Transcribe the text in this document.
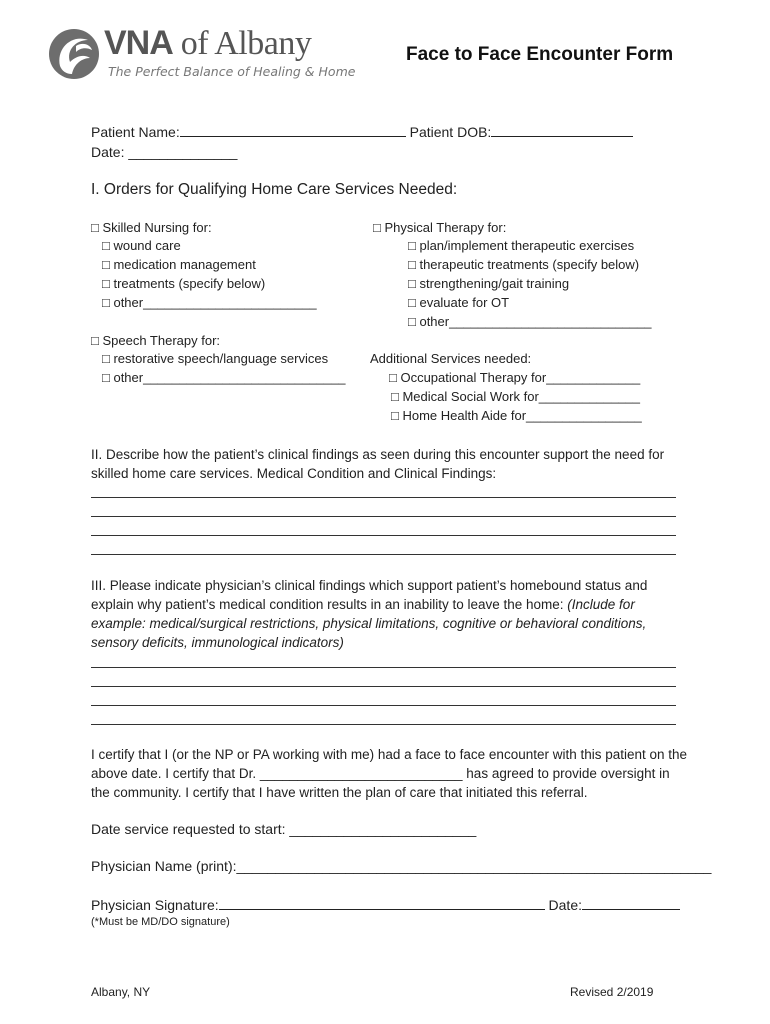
VNA of Albany
The Perfect Balance of Healing & Home
Face to Face Encounter Form
Patient Name:	Patient DOB:
Date: ______________
I. Orders for Qualifying Home Care Services Needed:
□ Skilled Nursing for:
□ wound care
□ medication management
□ treatments (specify below)
□ other________________________
□ Speech Therapy for:
□ restorative speech/language services
□ other____________________________
□ Physical Therapy for:
□ plan/implement therapeutic exercises
□ therapeutic treatments (specify below)
□ strengthening/gait training
□ evaluate for OT
□ other____________________________
Additional Services needed:
□ Occupational Therapy for_____________
□ Medical Social Work for______________
□ Home Health Aide for________________
II. Describe how the patient’s clinical findings as seen during this encounter support the need for skilled home care services. Medical Condition and Clinical Findings:
III. Please indicate physician’s clinical findings which support patient’s homebound status and explain why patient’s medical condition results in an inability to leave the home: (Include for example: medical/surgical restrictions, physical limitations, cognitive or behavioral conditions, sensory deficits, immunological indicators)
I certify that I (or the NP or PA working with me) had a face to face encounter with this patient on the above date. I certify that Dr. ___________________________ has agreed to provide oversight in the community. I certify that I have written the plan of care that initiated this referral.
Date service requested to start: ________________________
Physician Name (print):_____________________________________________________________
Physician Signature:	Date:
(*Must be MD/DO signature)
Albany, NY	Revised 2/2019
